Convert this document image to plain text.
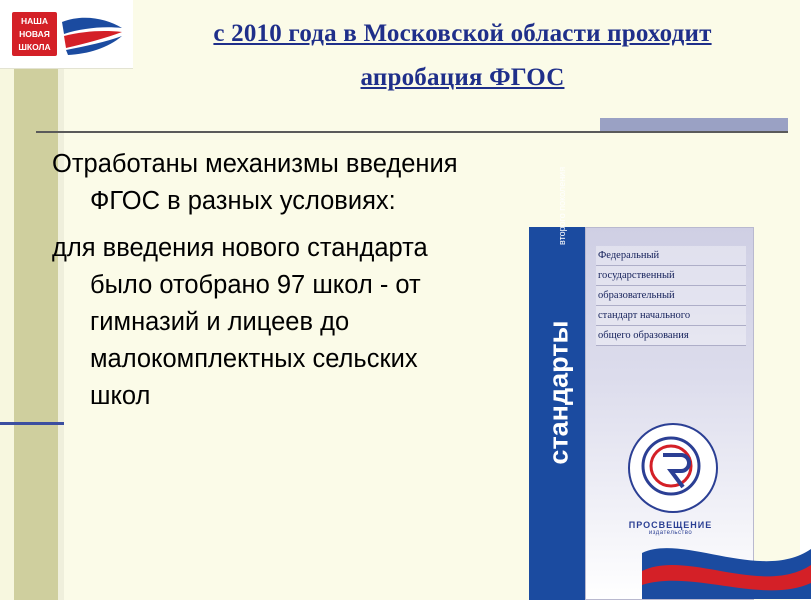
НАША
НОВАЯ
ШКОЛА	с 2010 года в Московской области проходит
апробация ФГОС

Отработаны механизмы введения
ФГОС в разных условиях:

для введения нового стандарта
было отобрано 97 школ - от
гимназий и лицеев до
малокомплектных сельских
школ	стандарты
второго поколения
Федеральный
государственный
образовательный
стандарт начального
общего образования
ПРОСВЕЩЕНИЕ
издательство
